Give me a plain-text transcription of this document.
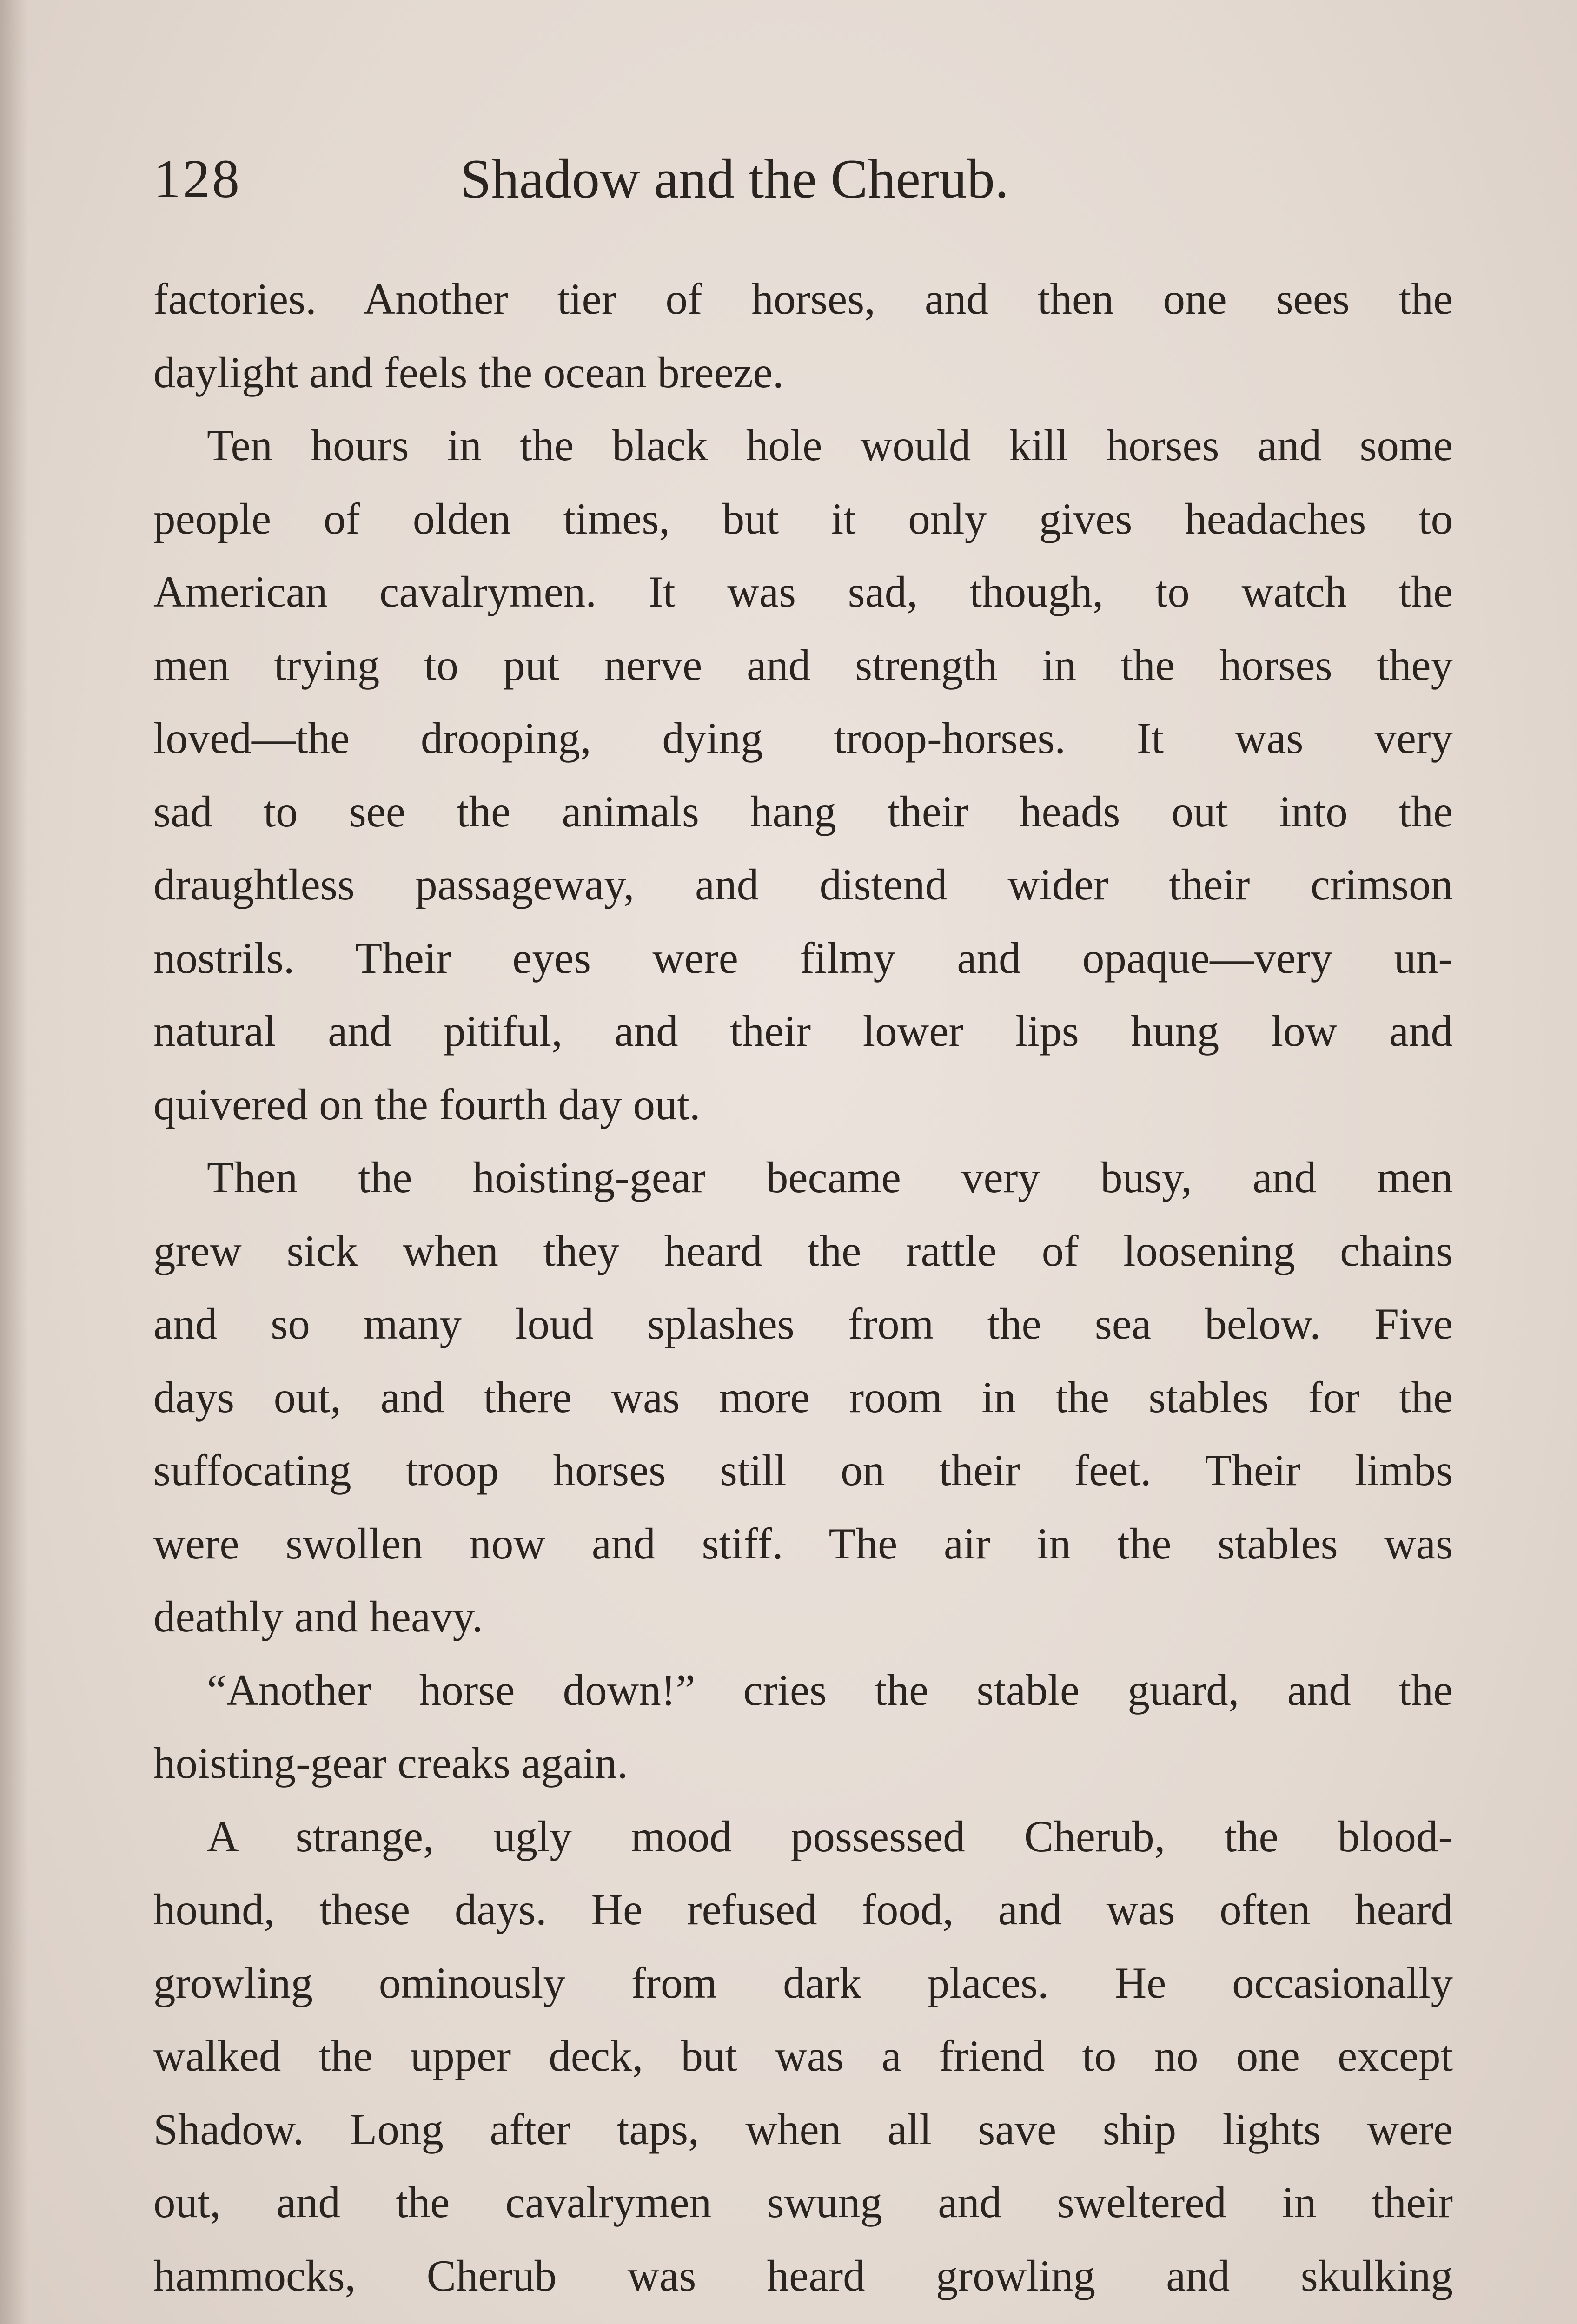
128	Shadow and the Cherub.
factories. Another tier of horses, and then one sees the
daylight and feels the ocean breeze.
Ten hours in the black hole would kill horses and some
people of olden times, but it only gives headaches to
American cavalrymen. It was sad, though, to watch the
men trying to put nerve and strength in the horses they
loved—the drooping, dying troop-horses. It was very
sad to see the animals hang their heads out into the
draughtless passageway, and distend wider their crimson
nostrils. Their eyes were filmy and opaque—very un-
natural and pitiful, and their lower lips hung low and
quivered on the fourth day out.
Then the hoisting-gear became very busy, and men
grew sick when they heard the rattle of loosening chains
and so many loud splashes from the sea below. Five
days out, and there was more room in the stables for the
suffocating troop horses still on their feet. Their limbs
were swollen now and stiff. The air in the stables was
deathly and heavy.
“Another horse down!” cries the stable guard, and the
hoisting-gear creaks again.
A strange, ugly mood possessed Cherub, the blood-
hound, these days. He refused food, and was often heard
growling ominously from dark places. He occasionally
walked the upper deck, but was a friend to no one except
Shadow. Long after taps, when all save ship lights were
out, and the cavalrymen swung and sweltered in their
hammocks, Cherub was heard growling and skulking
